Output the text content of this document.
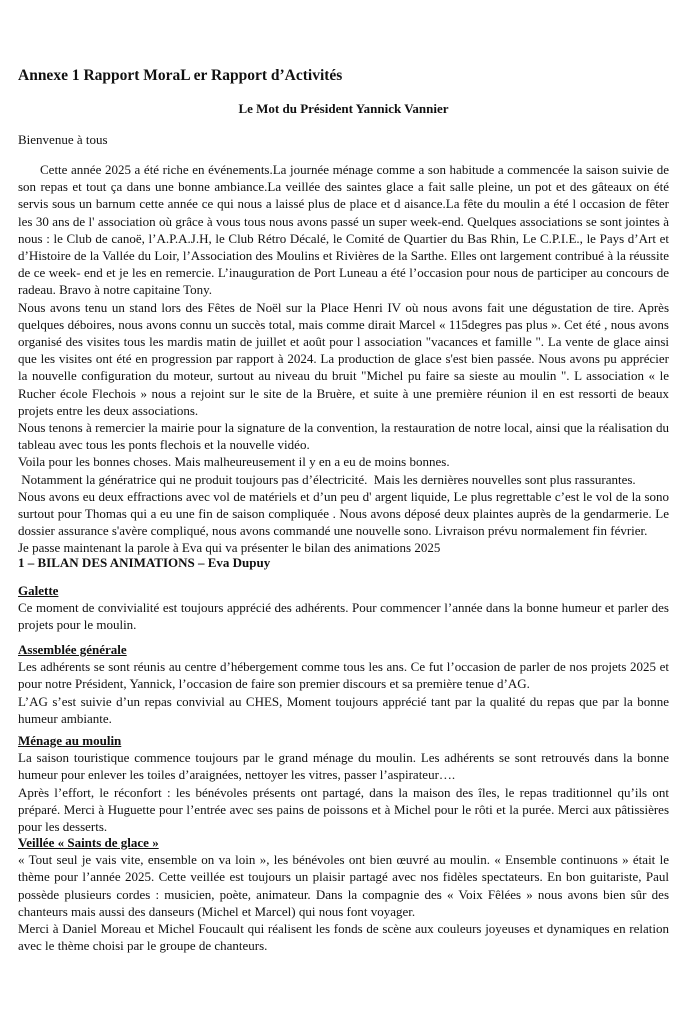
Annexe 1 Rapport MoraL er Rapport d’Activités
Le Mot du Président Yannick Vannier
Bienvenue à tous

Cette année 2025 a été riche en événements.La journée ménage comme a son habitude a commencée la saison suivie de son repas et tout ça dans une bonne ambiance.La veillée des saintes glace a fait salle pleine, un pot et des gâteaux on été servis sous un barnum cette année ce qui nous a laissé plus de place et d aisance.La fête du moulin a été l occasion de fêter les 30 ans de l' association où grâce à vous tous nous avons passé un super week-end. Quelques associations se sont jointes à nous : le Club de canoë, l’A.P.A.J.H, le Club Rétro Décalé, le Comité de Quartier du Bas Rhin, Le C.P.I.E., le Pays d’Art et d’Histoire de la Vallée du Loir, l’Association des Moulins et Rivières de la Sarthe. Elles ont largement contribué à la réussite de ce week- end et je les en remercie. L’inauguration de Port Luneau a été l’occasion pour nous de participer au concours de radeau. Bravo à notre capitaine Tony.

Nous avons tenu un stand lors des Fêtes de Noël sur la Place Henri IV où nous avons fait une dégustation de tire. Après quelques déboires, nous avons connu un succès total, mais comme dirait Marcel « 115degres pas plus ». Cet été , nous avons organisé des visites tous les mardis matin de juillet et août pour l association "vacances et famille ". La vente de glace ainsi que les visites ont été en progression par rapport à 2024. La production de glace s'est bien passée. Nous avons pu apprécier la nouvelle configuration du moteur, surtout au niveau du bruit "Michel pu faire sa sieste au moulin ". L association « le Rucher école Flechois » nous a rejoint sur le site de la Bruère, et suite à une première réunion il en est ressorti de beaux projets entre les deux associations.

Nous tenons à remercier la mairie pour la signature de la convention, la restauration de notre local, ainsi que la réalisation du tableau avec tous les ponts flechois et la nouvelle vidéo.

Voila pour les bonnes choses. Mais malheureusement il y en a eu de moins bonnes.

Notamment la génératrice qui ne produit toujours pas d’électricité.  Mais les dernières nouvelles sont plus rassurantes.

Nous avons eu deux effractions avec vol de matériels et d’un peu d' argent liquide, Le plus regrettable c’est le vol de la sono surtout pour Thomas qui a eu une fin de saison compliquée . Nous avons déposé deux plaintes auprès de la gendarmerie. Le dossier assurance s'avère compliqué, nous avons commandé une nouvelle sono. Livraison prévu normalement fin février.

Je passe maintenant la parole à Eva qui va présenter le bilan des animations 2025

1 – BILAN DES ANIMATIONS – Eva Dupuy
Galette

Ce moment de convivialité est toujours apprécié des adhérents. Pour commencer l’année dans la bonne humeur et parler des projets pour le moulin.

Assemblée générale

Les adhérents se sont réunis au centre d’hébergement comme tous les ans. Ce fut l’occasion de parler de nos projets 2025 et pour notre Président, Yannick, l’occasion de faire son premier discours et sa première tenue d’AG.

L’AG s’est suivie d’un repas convivial au CHES, Moment toujours apprécié tant par la qualité du repas que par la bonne humeur ambiante.

Ménage au moulin

La saison touristique commence toujours par le grand ménage du moulin. Les adhérents se sont retrouvés dans la bonne humeur pour enlever les toiles d’araignées, nettoyer les vitres, passer l’aspirateur….

Après l’effort, le réconfort : les bénévoles présents ont partagé, dans la maison des îles, le repas traditionnel qu’ils ont préparé. Merci à Huguette pour l’entrée avec ses pains de poissons et à Michel pour le rôti et la purée. Merci aux pâtissières pour les desserts.

Veillée « Saints de glace »

« Tout seul je vais vite, ensemble on va loin », les bénévoles ont bien œuvré au moulin. « Ensemble continuons » était le thème pour l’année 2025. Cette veillée est toujours un plaisir partagé avec nos fidèles spectateurs. En bon guitariste, Paul possède plusieurs cordes : musicien, poète, animateur. Dans la compagnie des « Voix Fêlées » nous avons bien sûr des chanteurs mais aussi des danseurs (Michel et Marcel) qui nous font voyager.

Merci à Daniel Moreau et Michel Foucault qui réalisent les fonds de scène aux couleurs joyeuses et dynamiques en relation avec le thème choisi par le groupe de chanteurs.
